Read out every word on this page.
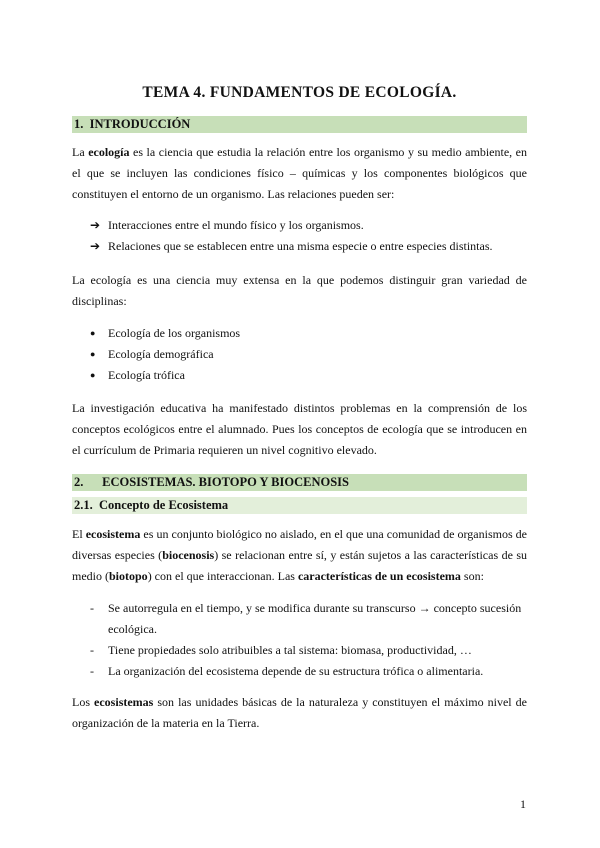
TEMA 4. FUNDAMENTOS DE ECOLOGÍA.
1. INTRODUCCIÓN
La ecología es la ciencia que estudia la relación entre los organismo y su medio ambiente, en el que se incluyen las condiciones físico – químicas y los componentes biológicos que constituyen el entorno de un organismo. Las relaciones pueden ser:
➔ Interacciones entre el mundo físico y los organismos.
➔ Relaciones que se establecen entre una misma especie o entre especies distintas.
La ecología es una ciencia muy extensa en la que podemos distinguir gran variedad de disciplinas:
● Ecología de los organismos
● Ecología demográfica
● Ecología trófica
La investigación educativa ha manifestado distintos problemas en la comprensión de los conceptos ecológicos entre el alumnado. Pues los conceptos de ecología que se introducen en el currículum de Primaria requieren un nivel cognitivo elevado.
2. ECOSISTEMAS. BIOTOPO Y BIOCENOSIS
2.1. Concepto de Ecosistema
El ecosistema es un conjunto biológico no aislado, en el que una comunidad de organismos de diversas especies (biocenosis) se relacionan entre sí, y están sujetos a las características de su medio (biotopo) con el que interaccionan. Las características de un ecosistema son:
- Se autorregula en el tiempo, y se modifica durante su transcurso → concepto sucesión ecológica.
- Tiene propiedades solo atribuibles a tal sistema: biomasa, productividad, …
- La organización del ecosistema depende de su estructura trófica o alimentaria.
Los ecosistemas son las unidades básicas de la naturaleza y constituyen el máximo nivel de organización de la materia en la Tierra.
1
